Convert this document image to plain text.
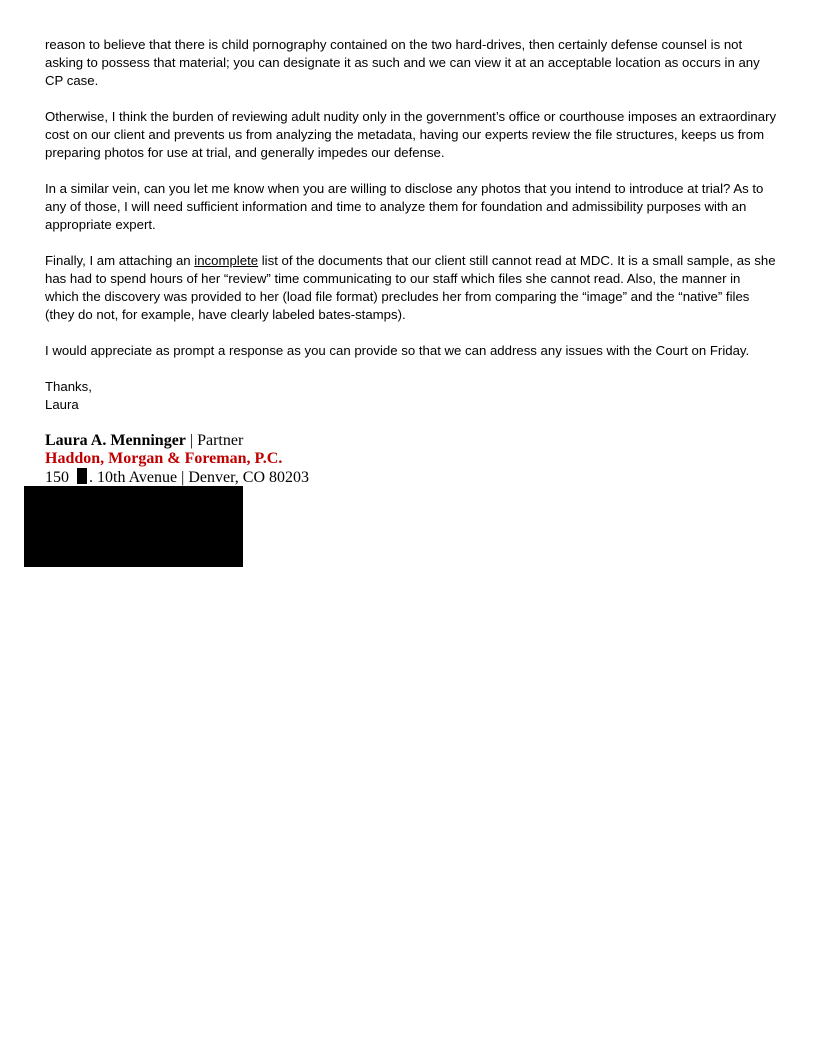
reason to believe that there is child pornography contained on the two hard-drives, then certainly defense counsel is not asking to possess that material; you can designate it as such and we can view it at an acceptable location as occurs in any CP case.

Otherwise, I think the burden of reviewing adult nudity only in the government’s office or courthouse imposes an extraordinary cost on our client and prevents us from analyzing the metadata, having our experts review the file structures, keeps us from preparing photos for use at trial, and generally impedes our defense.

In a similar vein, can you let me know when you are willing to disclose any photos that you intend to introduce at trial? As to any of those, I will need sufficient information and time to analyze them for foundation and admissibility purposes with an appropriate expert.

Finally, I am attaching an incomplete list of the documents that our client still cannot read at MDC. It is a small sample, as she has had to spend hours of her “review” time communicating to our staff which files she cannot read. Also, the manner in which the discovery was provided to her (load file format) precludes her from comparing the “image” and the “native” files (they do not, for example, have clearly labeled bates-stamps).

I would appreciate as prompt a response as you can provide so that we can address any issues with the Court on Friday.

Thanks,

Laura

Laura A. Menninger | Partner
Haddon, Morgan & Foreman, P.C.
150 . 10th Avenue | Denver, CO 80203
